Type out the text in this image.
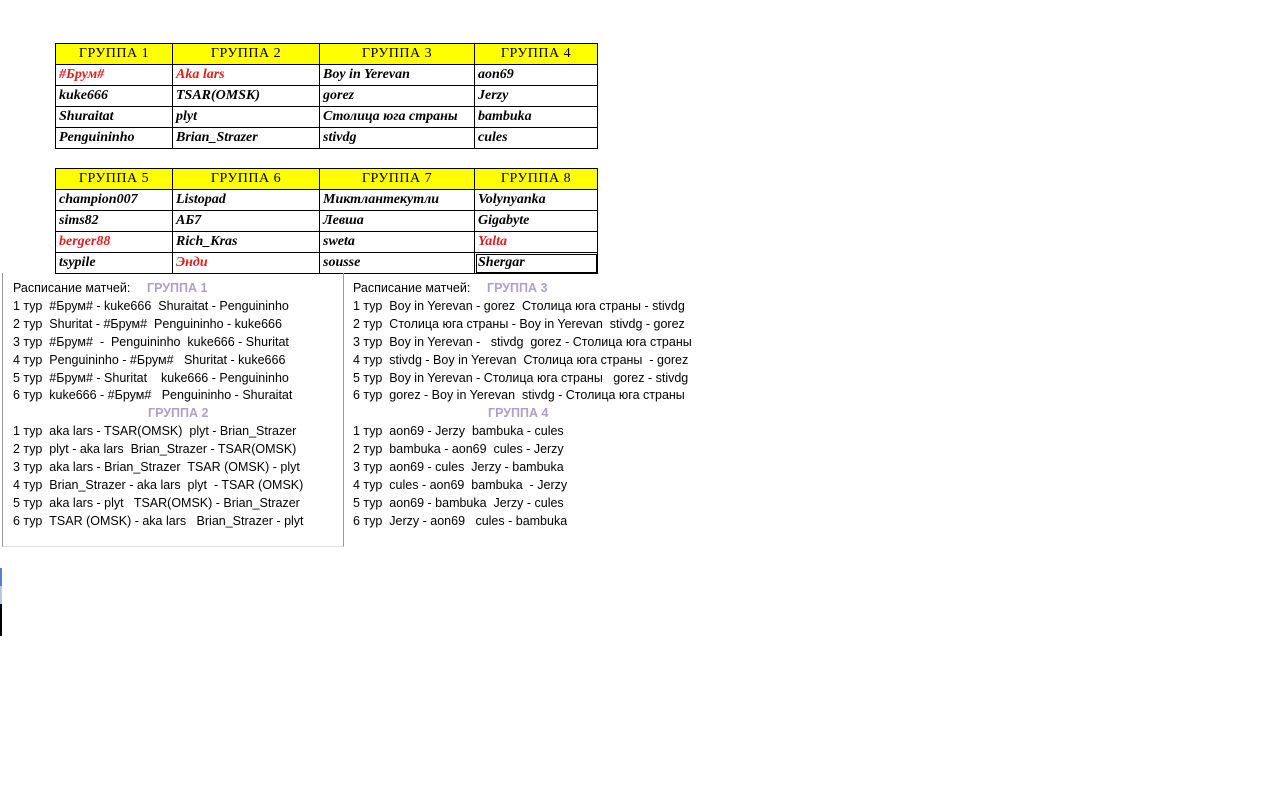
ГРУППА 1	ГРУППА 2	ГРУППА 3	ГРУППА 4
#Брум#	Aka lars	Boy in Yerevan	aon69
kuke666	TSAR(OMSK)	gorez	Jerzy
Shuraitat	plyt	Столица юга страны	bambuka
Penguininho	Brian_Strazer	stivdg	cules
ГРУППА 5	ГРУППА 6	ГРУППА 7	ГРУППА 8
champion007	Listopad	Миктлантекутли	Volynyanka
sims82	АБ7	Левша	Gigabyte
berger88	Rich_Kras	sweta	Yalta
tsypile	Энди	sousse	Shergar
Расписание матчей: ГРУППА 1
1 тур  #Брум# - kuke666  Shuraitat - Penguininho
2 тур  Shuritat - #Брум#  Penguininho - kuke666
3 тур  #Брум#  -  Penguininho  kuke666 - Shuritat
4 тур  Penguininho - #Брум#   Shuritat - kuke666
5 тур  #Брум# - Shuritat    kuke666 - Penguininho
6 тур  kuke666 - #Брум#   Penguininho - Shuraitat
ГРУППА 2
1 тур  aka lars - TSAR(OMSK)  plyt - Brian_Strazer
2 тур  plyt - aka lars  Brian_Strazer - TSAR(OMSK)
3 тур  aka lars - Brian_Strazer  TSAR (OMSK) - plyt
4 тур  Brian_Strazer - aka lars  plyt  - TSAR (OMSK)
5 тур  aka lars - plyt   TSAR(OMSK) - Brian_Strazer
6 тур  TSAR (OMSK) - aka lars   Brian_Strazer - plyt
Расписание матчей: ГРУППА 3
1 тур  Boy in Yerevan - gorez  Столица юга страны - stivdg
2 тур  Столица юга страны - Boy in Yerevan  stivdg - gorez
3 тур  Boy in Yerevan -   stivdg  gorez - Столица юга страны
4 тур  stivdg - Boy in Yerevan  Столица юга страны  - gorez
5 тур  Boy in Yerevan - Столица юга страны   gorez - stivdg
6 тур  gorez - Boy in Yerevan  stivdg - Столица юга страны
ГРУППА 4
1 тур  aon69 - Jerzy  bambuka - cules
2 тур  bambuka - aon69  cules - Jerzy
3 тур  aon69 - cules  Jerzy - bambuka
4 тур  cules - aon69  bambuka  - Jerzy
5 тур  aon69 - bambuka  Jerzy - cules
6 тур  Jerzy - aon69   cules - bambuka
